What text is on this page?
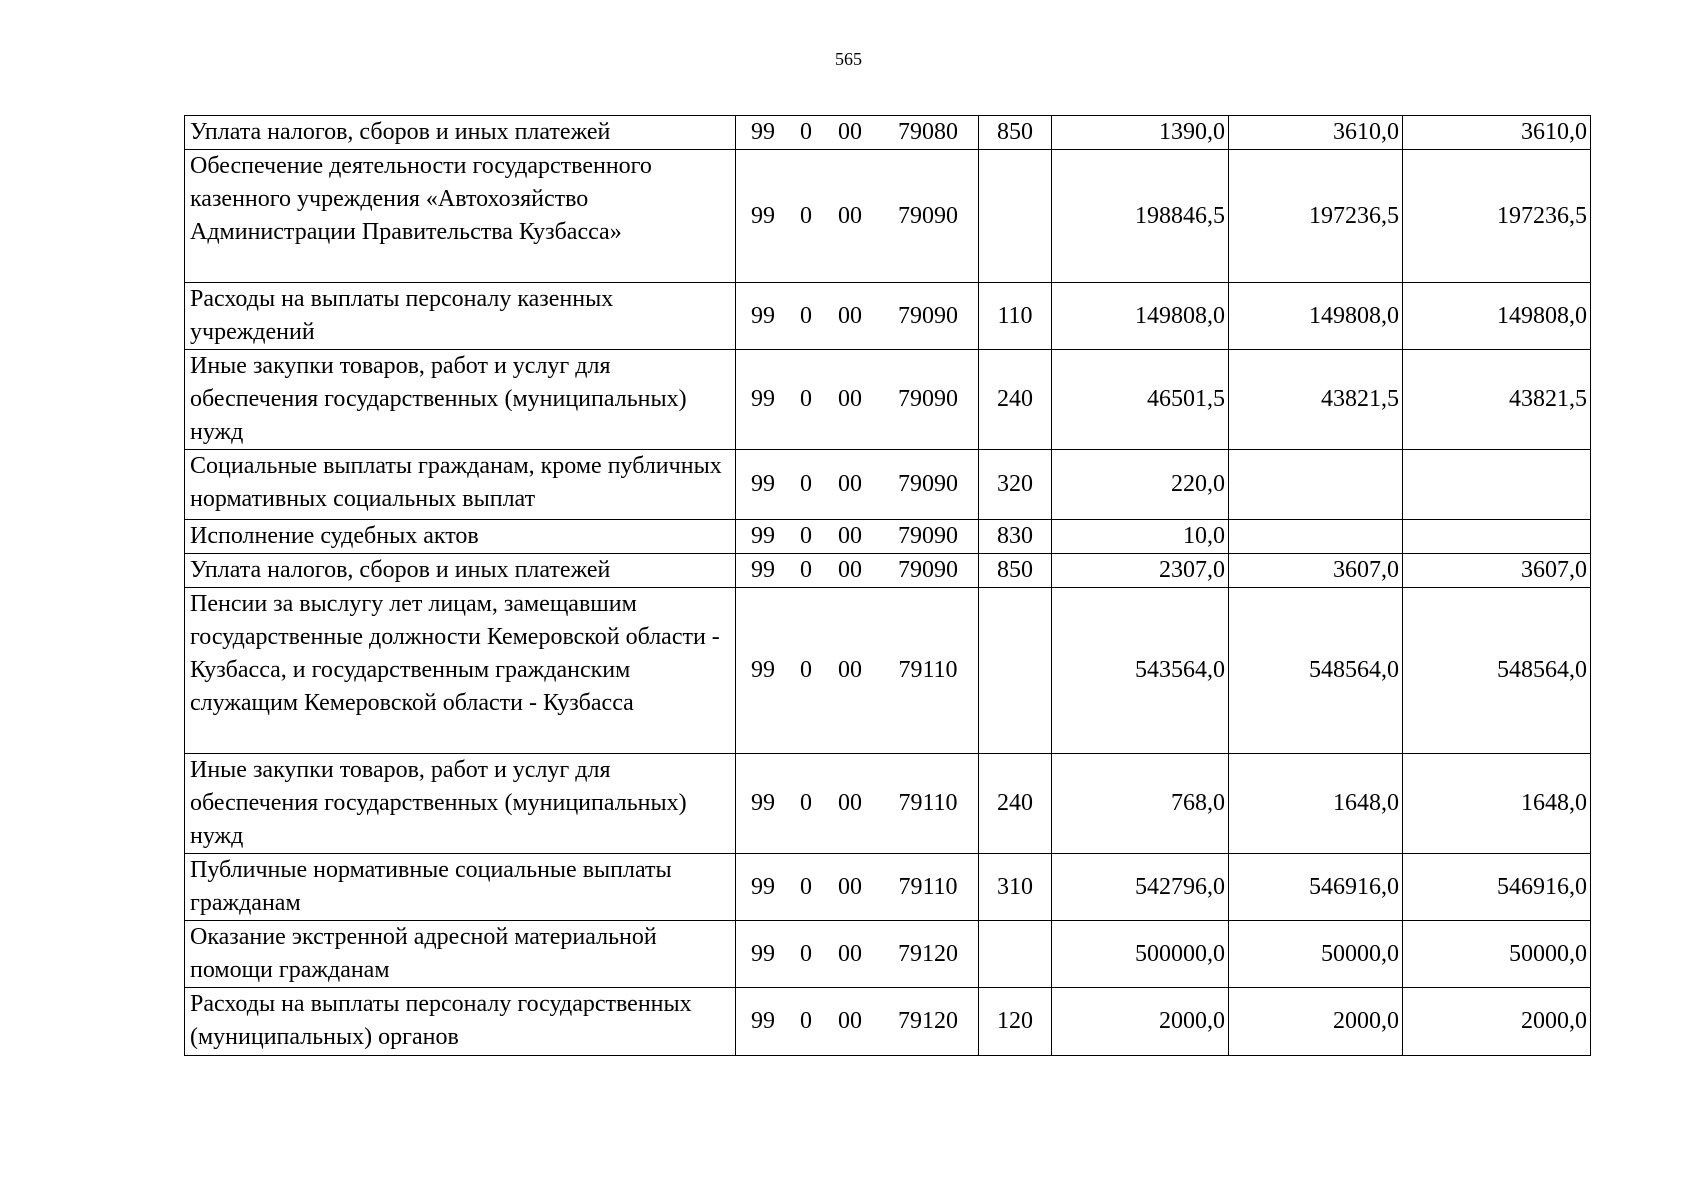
565
Уплата налогов, сборов и иных платежей	99 0 00 79080	850	1390,0	3610,0	3610,0
Обеспечение деятельности государственного казенного учреждения «Автохозяйство Администрации Правительства Кузбасса»	99 0 00 79090		198846,5	197236,5	197236,5
Расходы на выплаты персоналу казенных учреждений	99 0 00 79090	110	149808,0	149808,0	149808,0
Иные закупки товаров, работ и услуг для обеспечения государственных (муниципальных) нужд	99 0 00 79090	240	46501,5	43821,5	43821,5
Социальные выплаты гражданам, кроме публичных нормативных социальных выплат	99 0 00 79090	320	220,0		
Исполнение судебных актов	99 0 00 79090	830	10,0		
Уплата налогов, сборов и иных платежей	99 0 00 79090	850	2307,0	3607,0	3607,0
Пенсии за выслугу лет лицам, замещавшим государственные должности Кемеровской области - Кузбасса, и государственным гражданским служащим Кемеровской области - Кузбасса	99 0 00 79110		543564,0	548564,0	548564,0
Иные закупки товаров, работ и услуг для обеспечения государственных (муниципальных) нужд	99 0 00 79110	240	768,0	1648,0	1648,0
Публичные нормативные социальные выплаты гражданам	99 0 00 79110	310	542796,0	546916,0	546916,0
Оказание экстренной адресной материальной помощи гражданам	99 0 00 79120		500000,0	50000,0	50000,0
Расходы на выплаты персоналу государственных (муниципальных) органов	99 0 00 79120	120	2000,0	2000,0	2000,0
